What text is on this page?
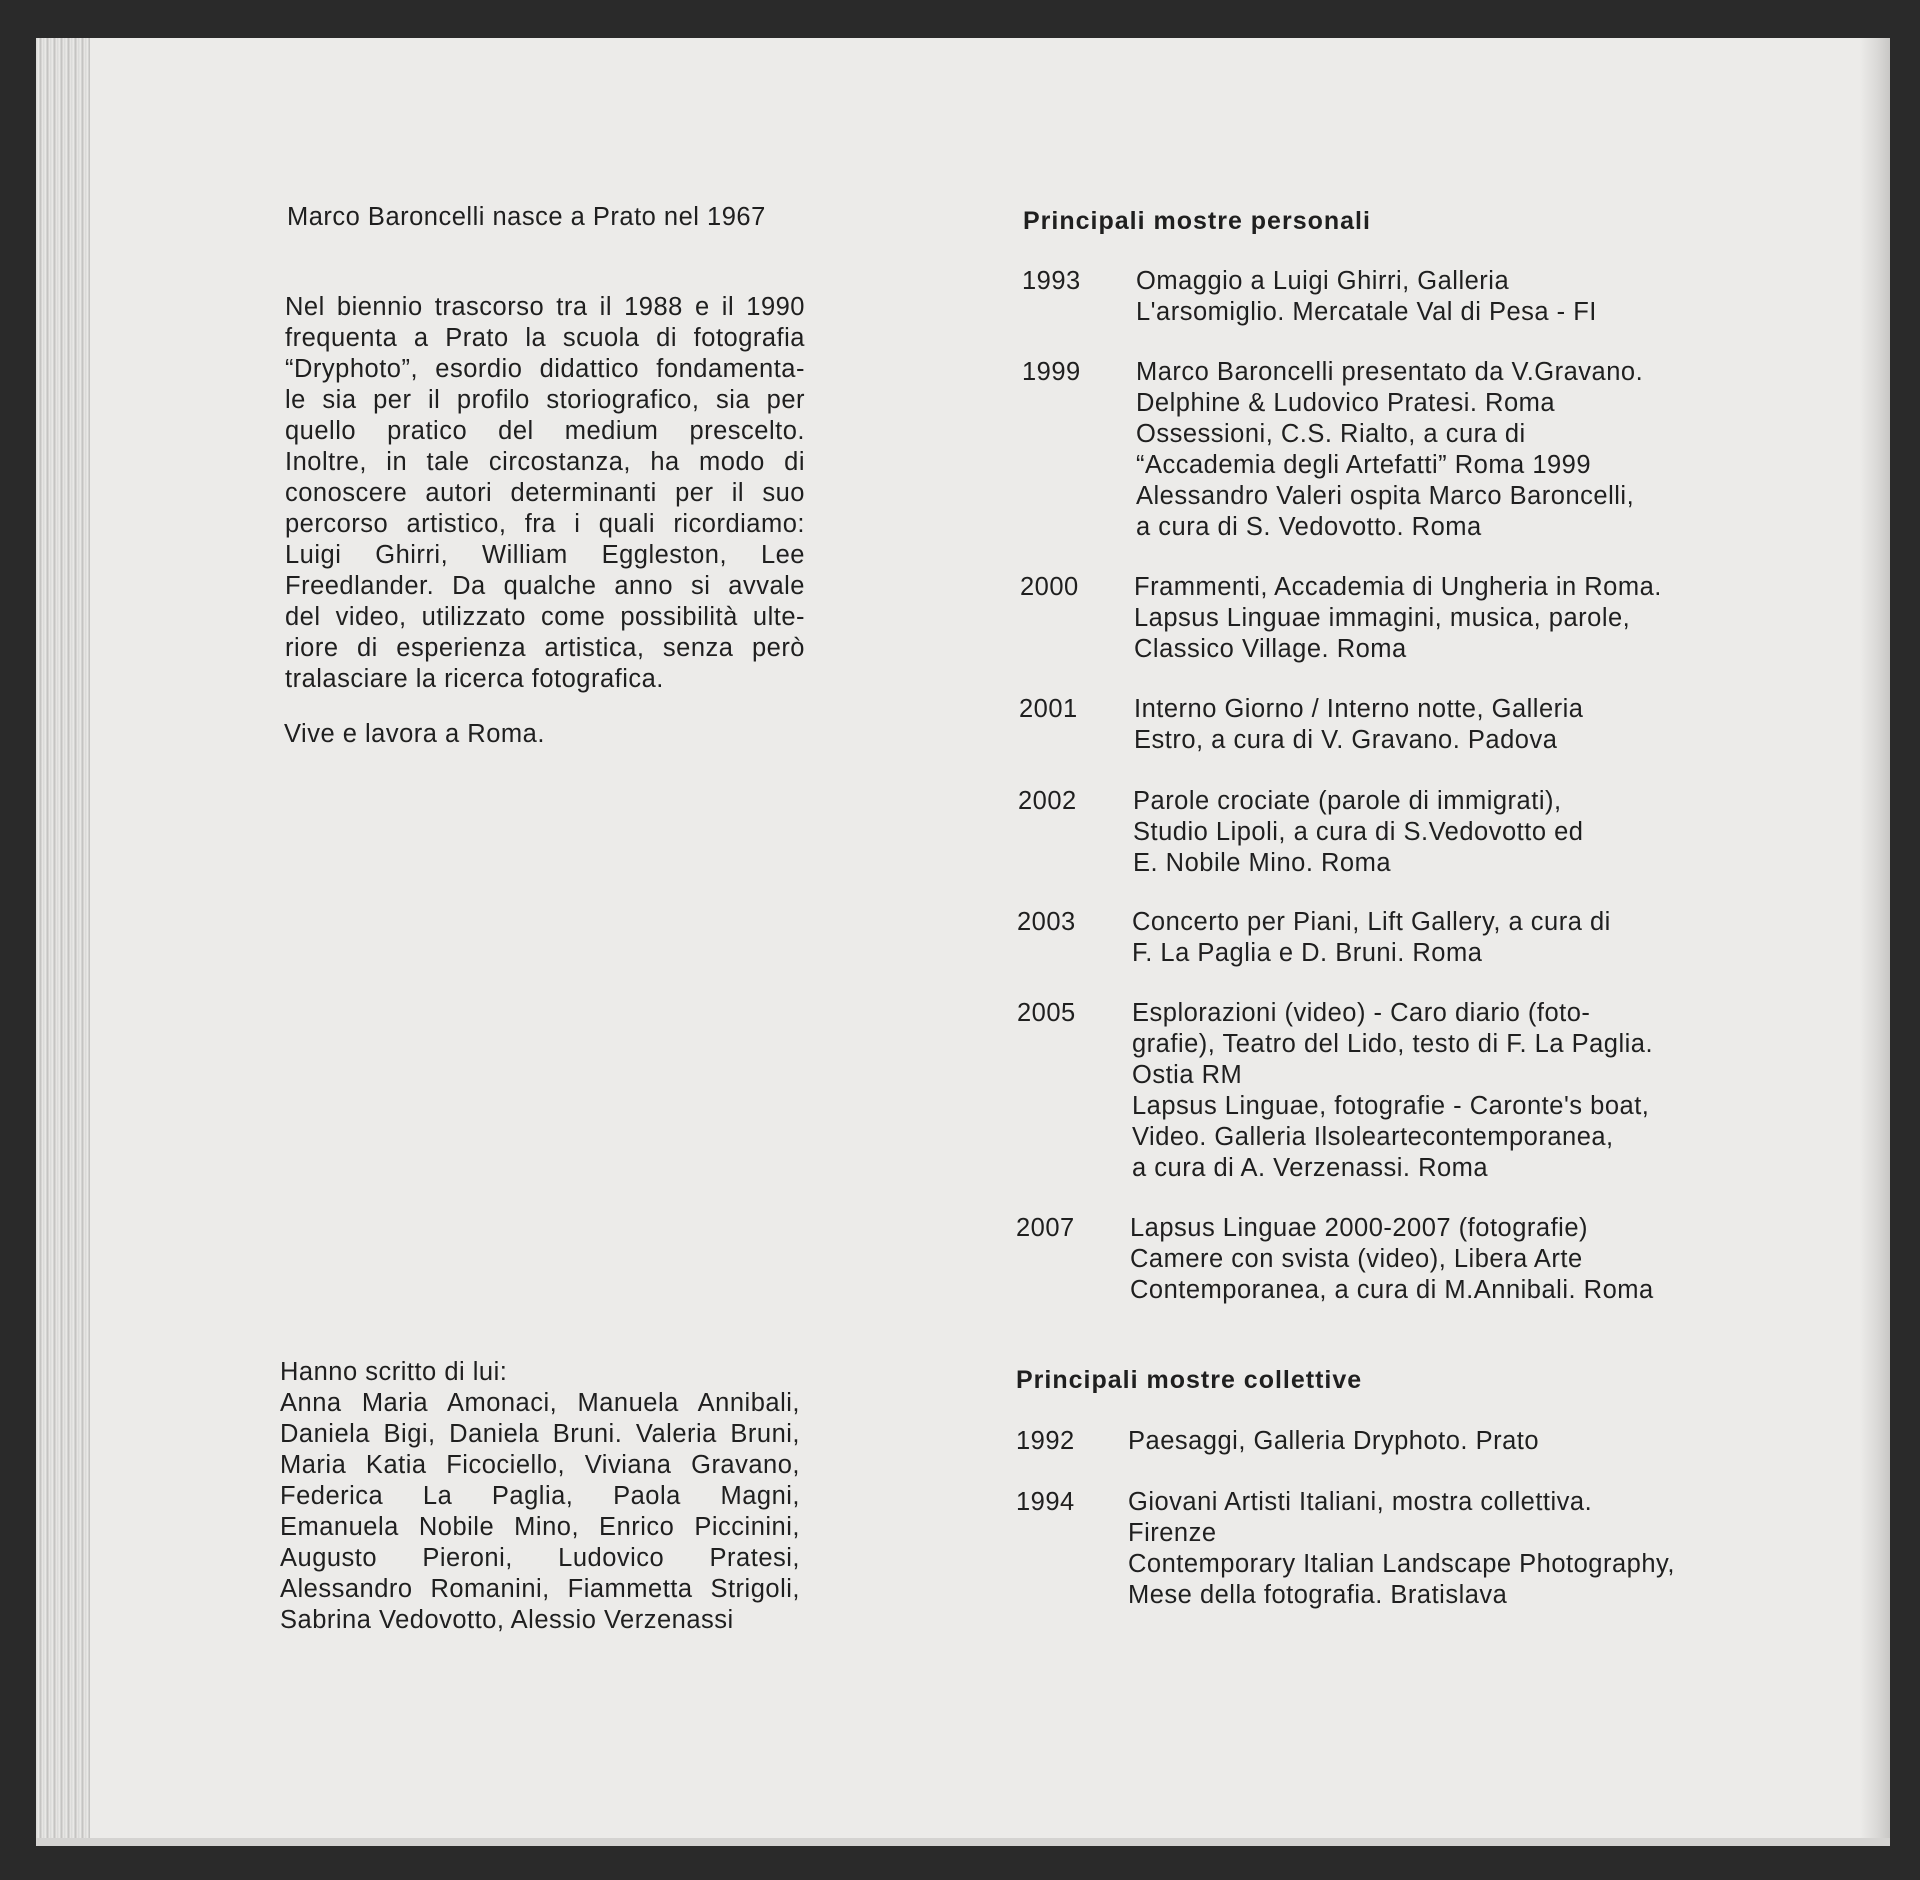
Marco Baroncelli nasce a Prato nel 1967
Nel biennio trascorso tra il 1988 e il 1990
frequenta a Prato la scuola di fotografia
“Dryphoto”, esordio didattico fondamenta-
le sia per il profilo storiografico, sia per
quello pratico del medium prescelto.
Inoltre, in tale circostanza, ha modo di
conoscere autori determinanti per il suo
percorso artistico, fra i quali ricordiamo:
Luigi Ghirri, William Eggleston, Lee
Freedlander. Da qualche anno si avvale
del video, utilizzato come possibilità ulte-
riore di esperienza artistica, senza però
tralasciare la ricerca fotografica.
Vive e lavora a Roma.
Hanno scritto di lui:
Anna Maria Amonaci, Manuela Annibali,
Daniela Bigi, Daniela Bruni. Valeria Bruni,
Maria Katia Ficociello, Viviana Gravano,
Federica La Paglia, Paola Magni,
Emanuela Nobile Mino, Enrico Piccinini,
Augusto Pieroni, Ludovico Pratesi,
Alessandro Romanini, Fiammetta Strigoli,
Sabrina Vedovotto, Alessio Verzenassi
Principali mostre personali
1993 Omaggio a Luigi Ghirri, Galleria
L'arsomiglio. Mercatale Val di Pesa - FI
1999 Marco Baroncelli presentato da V.Gravano.
Delphine & Ludovico Pratesi. Roma
Ossessioni, C.S. Rialto, a cura di
“Accademia degli Artefatti” Roma 1999
Alessandro Valeri ospita Marco Baroncelli,
a cura di S. Vedovotto. Roma
2000 Frammenti, Accademia di Ungheria in Roma.
Lapsus Linguae immagini, musica, parole,
Classico Village. Roma
2001 Interno Giorno / Interno notte, Galleria
Estro, a cura di V. Gravano. Padova
2002 Parole crociate (parole di immigrati),
Studio Lipoli, a cura di S.Vedovotto ed
E. Nobile Mino. Roma
2003 Concerto per Piani, Lift Gallery, a cura di
F. La Paglia e D. Bruni. Roma
2005 Esplorazioni (video) - Caro diario (foto-
grafie), Teatro del Lido, testo di F. La Paglia.
Ostia RM
Lapsus Linguae, fotografie - Caronte's boat,
Video. Galleria Ilsoleartecontemporanea,
a cura di A. Verzenassi. Roma
2007 Lapsus Linguae 2000-2007 (fotografie)
Camere con svista (video), Libera Arte
Contemporanea, a cura di M.Annibali. Roma
Principali mostre collettive
1992 Paesaggi, Galleria Dryphoto. Prato
1994 Giovani Artisti Italiani, mostra collettiva.
Firenze
Contemporary Italian Landscape Photography,
Mese della fotografia. Bratislava
